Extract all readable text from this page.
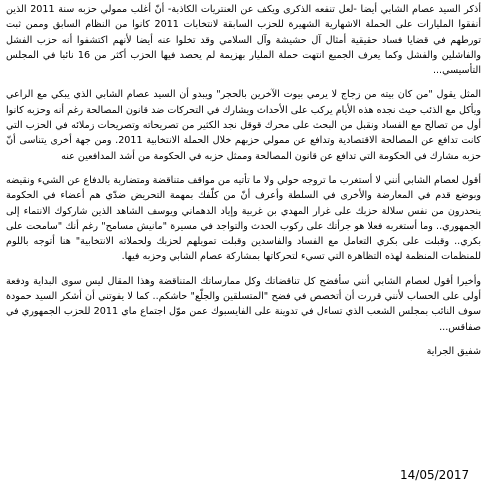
أذكر السيد عصام الشابي أيضا -لعل تنفعه الذكرى ويكف عن العنتريات الكاذبة- أنّ أغلب ممولي حزبه سنة 2011 الذين أنفقوا المليارات على الحملة الاشهارية الشهيرة للحزب السابقة لانتخابات 2011 كانوا من النظام السابق وممن ثبت تورطهم في قضايا فساد حقيقية أمثال آل حشيشة وآل السلامي وقد تخلوا عنه أيضا لأنهم اكتشفوا أنه حزب الفشل والفاشلين والفشل وكما يعرف الجميع انتهت حملة المليار بهزيمة لم يحصد فيها الحزب أكثر من 16 نائبا في المجلس التأسيسي...

المثل يقول "من كان بيته من زجاج لا يرمي بيوت الآخرين بالحجر" ويبدو أن السيد عصام الشابي الذي يبكي مع الراعي ويأكل مع الذئب حيث نجده هذه الأيام يركب على الأحداث ويشارك في التحركات ضد قانون المصالحة رغم أنه وحزبه كانوا أول من تصالح مع الفساد ونقبل من البحث على محرك قوقل نجد الكثير من تصريحاته وتصريحات زملائه في الحزب التي كانت تدافع عن المصالحة الاقتصادية وتدافع عن ممولي حزبهم خلال الحملة الانتخابية 2011. ومن جهة أخرى يتناسى أنّ حزبه مشارك في الحكومة التي تدافع عن قانون المصالحة وممثل حزبه في الحكومة من أشد المدافعين عنه

أقول لعصام الشابي أنني لا أستغرب ما تروجه حولي ولا ما تأتيه من مواقف متناقضة ومتضاربة بالدفاع عن الشيء ونقيضه وبوضع قدم في المعارضة والأخرى في السلطة وأعرف أنّ من كلّفك بمهمة التحريض ضدّي هم أعضاء في الحكومة ينحدرون من نفس سلالة حزبك على غرار المهدي بن غربية وإياد الدهماني ويوسف الشاهد الذين شاركوك الانتماء إلى الجمهوري.. وما أستغربه فعلا هو جرأتك على ركوب الحدث والتواجد في مسيرة "مانيش مسامح" رغم أنك "سامحت على بكري.. وقبلت على بكري التعامل مع الفساد والفاسدين وقبلت تمويلهم لحزبك ولحملاته الانتخابية" هنا أتوجه باللوم للمنظمات المنظمة لهذه التظاهرة التي تسيء لتحركاتها بمشاركة عصام الشابي وحزبه فيها.

وأخيرا أقول لعصام الشابي أنني سأفضح كل تناقضاتك وكل ممارساتك المتناقضة وهذا المقال ليس سوى البداية ودفعة أولى على الحساب لأنني قررت أن أتخصص في فضح "المتسلقين والجلّع" حاشكم.. كما لا يفوتني أن أشكر السيد حمودة سوف النائب بمجلس الشعب الذي تساءل في تدوينة على الفايسبوك عمن موّل اجتماع ماي 2011 للحزب الجمهوري في صفاقس...

شفيق الجراية

14/05/2017
